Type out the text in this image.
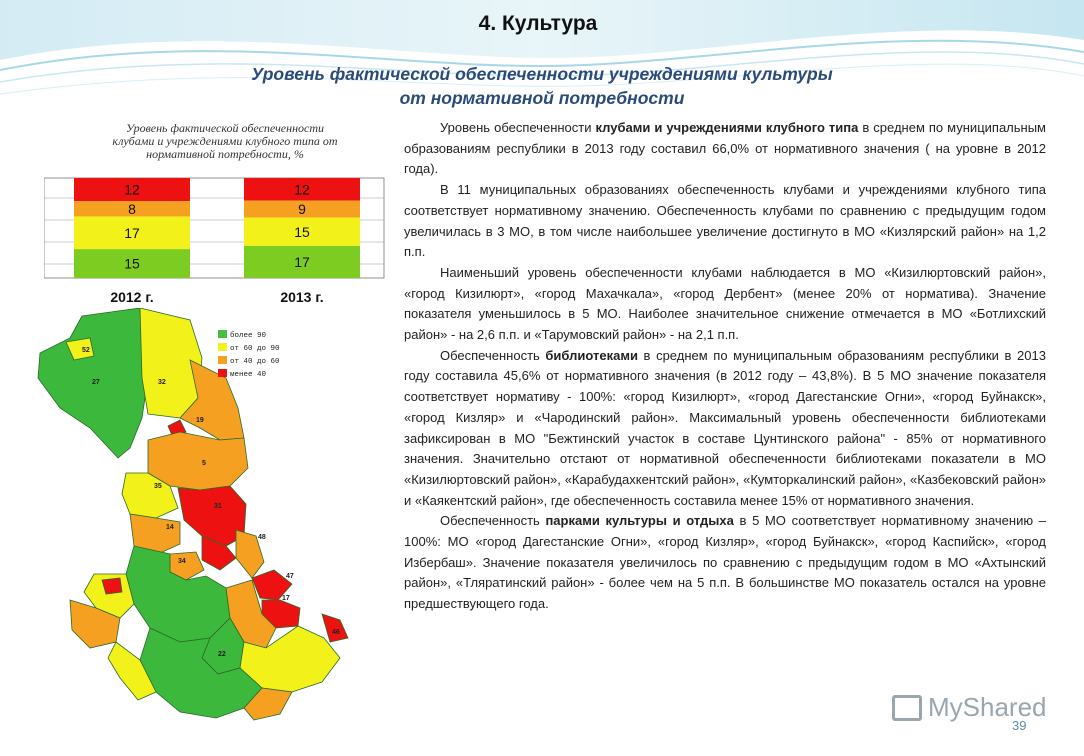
4. Культура
Уровень фактической обеспеченности учреждениями культуры
от нормативной потребности
Уровень фактической обеспеченности
клубами и учреждениями клубного типа от
нормативной потребности, %
12
8
17
15
2012 г.
12
9
15
17
2013 г.
52
27	32
19
5
35
31
14
48
34
47
17
22
46
более 90
от 60 до 90
от 40 до 60
менее 40

Уровень обеспеченности клубами и учреждениями клубного типа в среднем по муниципальным образованиям республики в 2013 году составил 66,0% от нормативного значения ( на уровне в 2012 года).

В 11 муниципальных образованиях обеспеченность клубами и учреждениями клубного типа соответствует нормативному значению. Обеспеченность клубами по сравнению с предыдущим годом увеличилась в 3 МО, в том числе наибольшее увеличение достигнуто в МО «Кизлярский район» на 1,2 п.п.

Наименьший уровень обеспеченности клубами наблюдается в МО «Кизилюртовский район», «город Кизилюрт», «город Махачкала», «город Дербент» (менее 20% от норматива). Значение показателя уменьшилось в 5 МО. Наиболее значительное снижение отмечается в МО «Ботлихский район» - на 2,6 п.п. и «Тарумовский район» - на 2,1 п.п.

Обеспеченность библиотеками в среднем по муниципальным образованиям республики в 2013 году составила 45,6% от нормативного значения (в 2012 году – 43,8%). В 5 МО значение показателя соответствует нормативу - 100%: «город Кизилюрт», «город Дагестанские Огни», «город Буйнакск», «город Кизляр» и «Чародинский район». Максимальный уровень обеспеченности библиотеками зафиксирован в МО "Бежтинский участок в составе Цунтинского района" - 85% от нормативного значения. Значительно отстают от нормативной обеспеченности библиотеками показатели в МО «Кизилюртовский район», «Карабудахкентский район», «Кумторкалинский район», «Казбековский район» и «Каякентский район», где обеспеченность составила менее 15% от нормативного значения.

Обеспеченность парками культуры и отдыха в 5 МО соответствует нормативному значению – 100%: МО «город Дагестанские Огни», «город Кизляр», «город Буйнакск», «город Каспийск», «город Избербаш». Значение показателя увеличилось по сравнению с предыдущим годом в МО «Ахтынский район», «Тляратинский район» - более чем на 5 п.п. В большинстве МО показатель остался на уровне предшествующего года.

MyShared
39
